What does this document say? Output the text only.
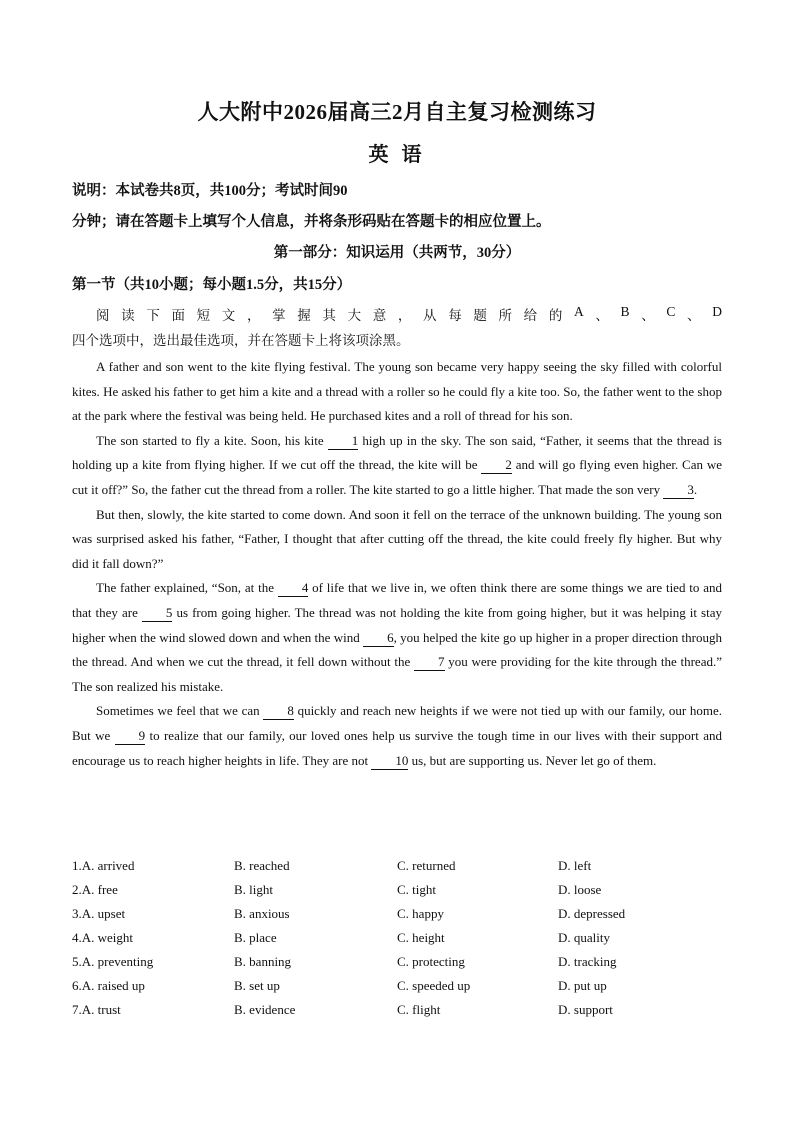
人大附中2026届高三2月自主复习检测练习
英 语
说明：本试卷共8页，共100分；考试时间90
分钟；请在答题卡上填写个人信息，并将条形码贴在答题卡的相应位置上。
第一部分：知识运用（共两节，30分）
第一节（共10小题；每小题1.5分，共15分）
阅 读 下 面 短 文 ， 掌 握 其 大 意 ， 从 每 题 所 给 的 A 、 B 、 C 、 D
四个选项中，选出最佳选项，并在答题卡上将该项涂黑。

A father and son went to the kite flying festival. The young son became very happy seeing the sky filled with colorful kites. He asked his father to get him a kite and a thread with a roller so he could fly a kite too. So, the father went to the shop at the park where the festival was being held. He purchased kites and a roll of thread for his son.

The son started to fly a kite. Soon, his kite 1 high up in the sky. The son said, “Father, it seems that the thread is holding up a kite from flying higher. If we cut off the thread, the kite will be 2 and will go flying even higher. Can we cut it off?” So, the father cut the thread from a roller. The kite started to go a little higher. That made the son very 3.

But then, slowly, the kite started to come down. And soon it fell on the terrace of the unknown building. The young son was surprised asked his father, “Father, I thought that after cutting off the thread, the kite could freely fly higher. But why did it fall down?”

The father explained, “Son, at the 4 of life that we live in, we often think there are some things we are tied to and that they are 5 us from going higher. The thread was not holding the kite from going higher, but it was helping it stay higher when the wind slowed down and when the wind 6, you helped the kite go up higher in a proper direction through the thread. And when we cut the thread, it fell down without the 7 you were providing for the kite through the thread.” The son realized his mistake.

Sometimes we feel that we can 8 quickly and reach new heights if we were not tied up with our family, our home. But we 9 to realize that our family, our loved ones help us survive the tough time in our lives with their support and encourage us to reach higher heights in life. They are not 10 us, but are supporting us. Never let go of them.

1.A. arrived	B. reached	C. returned	D. left
2.A. free	B. light	C. tight	D. loose
3.A. upset	B. anxious	C. happy	D. depressed
4.A. weight	B. place	C. height	D. quality
5.A. preventing	B. banning	C. protecting	D. tracking
6.A. raised up	B. set up	C. speeded up	D. put up
7.A. trust	B. evidence	C. flight	D. support
